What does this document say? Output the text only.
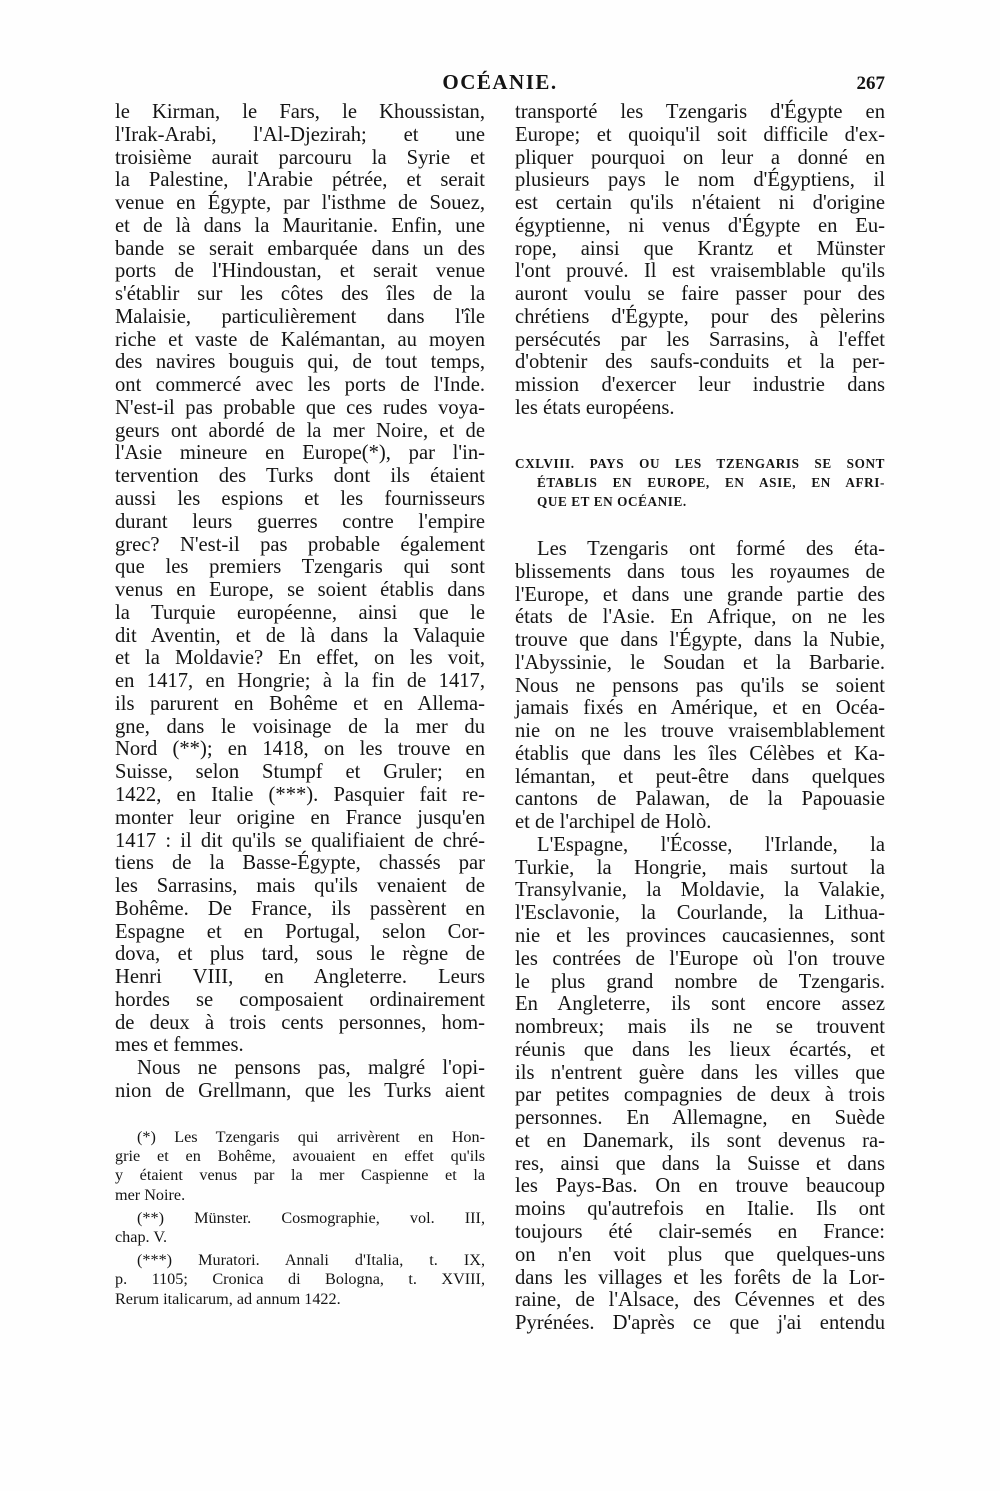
OCÉANIE.	267
le Kirman, le Fars, le Khoussistan,
l'Irak-Arabi, l'Al-Djezirah; et une
troisième aurait parcouru la Syrie et
la Palestine, l'Arabie pétrée, et serait
venue en Égypte, par l'isthme de Souez,
et de là dans la Mauritanie. Enfin, une
bande se serait embarquée dans un des
ports de l'Hindoustan, et serait venue
s'établir sur les côtes des îles de la
Malaisie, particulièrement dans l'île
riche et vaste de Kalémantan, au moyen
des navires bouguis qui, de tout temps,
ont commercé avec les ports de l'Inde.
N'est-il pas probable que ces rudes voya-
geurs ont abordé de la mer Noire, et de
l'Asie mineure en Europe(*), par l'in-
tervention des Turks dont ils étaient
aussi les espions et les fournisseurs
durant leurs guerres contre l'empire
grec? N'est-il pas probable également
que les premiers Tzengaris qui sont
venus en Europe, se soient établis dans
la Turquie européenne, ainsi que le
dit Aventin, et de là dans la Valaquie
et la Moldavie? En effet, on les voit,
en 1417, en Hongrie; à la fin de 1417,
ils parurent en Bohême et en Allema-
gne, dans le voisinage de la mer du
Nord (**); en 1418, on les trouve en
Suisse, selon Stumpf et Gruler; en
1422, en Italie (***). Pasquier fait re-
monter leur origine en France jusqu'en
1417 : il dit qu'ils se qualifiaient de chré-
tiens de la Basse-Égypte, chassés par
les Sarrasins, mais qu'ils venaient de
Bohême. De France, ils passèrent en
Espagne et en Portugal, selon Cor-
dova, et plus tard, sous le règne de
Henri VIII, en Angleterre. Leurs
hordes se composaient ordinairement
de deux à trois cents personnes, hom-
mes et femmes.
Nous ne pensons pas, malgré l'opi-
nion de Grellmann, que les Turks aient
(*) Les Tzengaris qui arrivèrent en Hon-
grie et en Bohême, avouaient en effet qu'ils
y étaient venus par la mer Caspienne et la
mer Noire.
(**) Münster. Cosmographie, vol. III,
chap. V.
(***) Muratori. Annali d'Italia, t. IX,
p. 1105; Cronica di Bologna, t. XVIII,
Rerum italicarum, ad annum 1422.
transporté les Tzengaris d'Égypte en
Europe; et quoiqu'il soit difficile d'ex-
pliquer pourquoi on leur a donné en
plusieurs pays le nom d'Égyptiens, il
est certain qu'ils n'étaient ni d'origine
égyptienne, ni venus d'Égypte en Eu-
rope, ainsi que Krantz et Münster
l'ont prouvé. Il est vraisemblable qu'ils
auront voulu se faire passer pour des
chrétiens d'Égypte, pour des pèlerins
persécutés par les Sarrasins, à l'effet
d'obtenir des saufs-conduits et la per-
mission d'exercer leur industrie dans
les états européens.
CXLVIII. PAYS OU LES TZENGARIS SE SONT
ÉTABLIS EN EUROPE, EN ASIE, EN AFRI-
QUE ET EN OCÉANIE.
Les Tzengaris ont formé des éta-
blissements dans tous les royaumes de
l'Europe, et dans une grande partie des
états de l'Asie. En Afrique, on ne les
trouve que dans l'Égypte, dans la Nubie,
l'Abyssinie, le Soudan et la Barbarie.
Nous ne pensons pas qu'ils se soient
jamais fixés en Amérique, et en Océa-
nie on ne les trouve vraisemblablement
établis que dans les îles Célèbes et Ka-
lémantan, et peut-être dans quelques
cantons de Palawan, de la Papouasie
et de l'archipel de Holò.
L'Espagne, l'Écosse, l'Irlande, la
Turkie, la Hongrie, mais surtout la
Transylvanie, la Moldavie, la Valakie,
l'Esclavonie, la Courlande, la Lithua-
nie et les provinces caucasiennes, sont
les contrées de l'Europe où l'on trouve
le plus grand nombre de Tzengaris.
En Angleterre, ils sont encore assez
nombreux; mais ils ne se trouvent
réunis que dans les lieux écartés, et
ils n'entrent guère dans les villes que
par petites compagnies de deux à trois
personnes. En Allemagne, en Suède
et en Danemark, ils sont devenus ra-
res, ainsi que dans la Suisse et dans
les Pays-Bas. On en trouve beaucoup
moins qu'autrefois en Italie. Ils ont
toujours été clair-semés en France:
on n'en voit plus que quelques-uns
dans les villages et les forêts de la Lor-
raine, de l'Alsace, des Cévennes et des
Pyrénées. D'après ce que j'ai entendu
